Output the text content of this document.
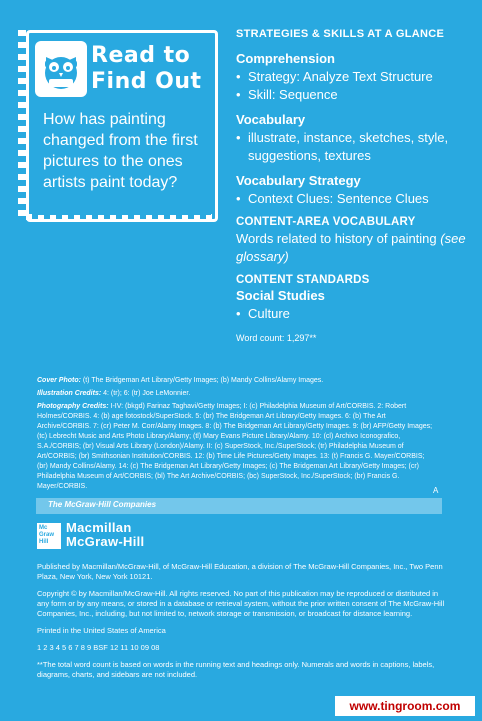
Read to
Find Out
How has painting changed from the first pictures to the ones artists paint today?
STRATEGIES & SKILLS AT A GLANCE
Comprehension
• Strategy: Analyze Text Structure
• Skill: Sequence
Vocabulary
• illustrate, instance, sketches, style, suggestions, textures
Vocabulary Strategy
• Context Clues: Sentence Clues
CONTENT-AREA VOCABULARY
Words related to history of painting (see glossary)
CONTENT STANDARDS
Social Studies
• Culture
Word count: 1,297**

Cover Photo: (t) The Bridgeman Art Library/Getty Images; (b) Mandy Collins/Alamy Images.

Illustration Credits: 4: (tr); 6: (tr) Joe LeMonnier.

Photography Credits: I-IV: (bkgd) Farinaz Taghavi/Getty Images; I: (c) Philadelphia Museum of Art/CORBIS. 2: Robert Holmes/CORBIS. 4: (b) age fotostock/SuperStock. 5: (br) The Bridgeman Art Library/Getty Images. 6: (b) The Art Archive/CORBIS. 7: (cr) Peter M. Corr/Alamy Images. 8: (b) The Bridgeman Art Library/Getty Images. 9: (br) AFP/Getty Images; (tc) Lebrecht Music and Arts Photo Library/Alamy; (tl) Mary Evans Picture Library/Alamy. 10: (cl) Archivo Iconografico, S.A./CORBIS; (br) Visual Arts Library (London)/Alamy. II: (c) SuperStock, Inc./SuperStock; (tr) Philadelphia Museum of Art/CORBIS; (br) Smithsonian Institution/CORBIS. 12: (b) Time Life Pictures/Getty Images. 13: (t) Francis G. Mayer/CORBIS; (br) Mandy Collins/Alamy. 14: (c) The Bridgeman Art Library/Getty Images; (c) The Bridgeman Art Library/Getty Images; (cr) Philadelphia Museum of Art/CORBIS; (bl) The Art Archive/CORBIS; (bc) SuperStock, Inc./SuperStock; (br) Francis G. Mayer/CORBIS.	A
The McGraw·Hill Companies
Mc Graw Hill
Macmillan
McGraw-Hill

Published by Macmillan/McGraw-Hill, of McGraw-Hill Education, a division of The McGraw-Hill Companies, Inc., Two Penn Plaza, New York, New York 10121.

Copyright © by Macmillan/McGraw-Hill. All rights reserved. No part of this publication may be reproduced or distributed in any form or by any means, or stored in a database or retrieval system, without the prior written consent of The McGraw-Hill Companies, Inc., including, but not limited to, network storage or transmission, or broadcast for distance learning.

Printed in the United States of America

1 2 3 4 5 6 7 8 9 BSF 12 11 10 09 08

**The total word count is based on words in the running text and headings only. Numerals and words in captions, labels, diagrams, charts, and sidebars are not included.

www.tingroom.com
